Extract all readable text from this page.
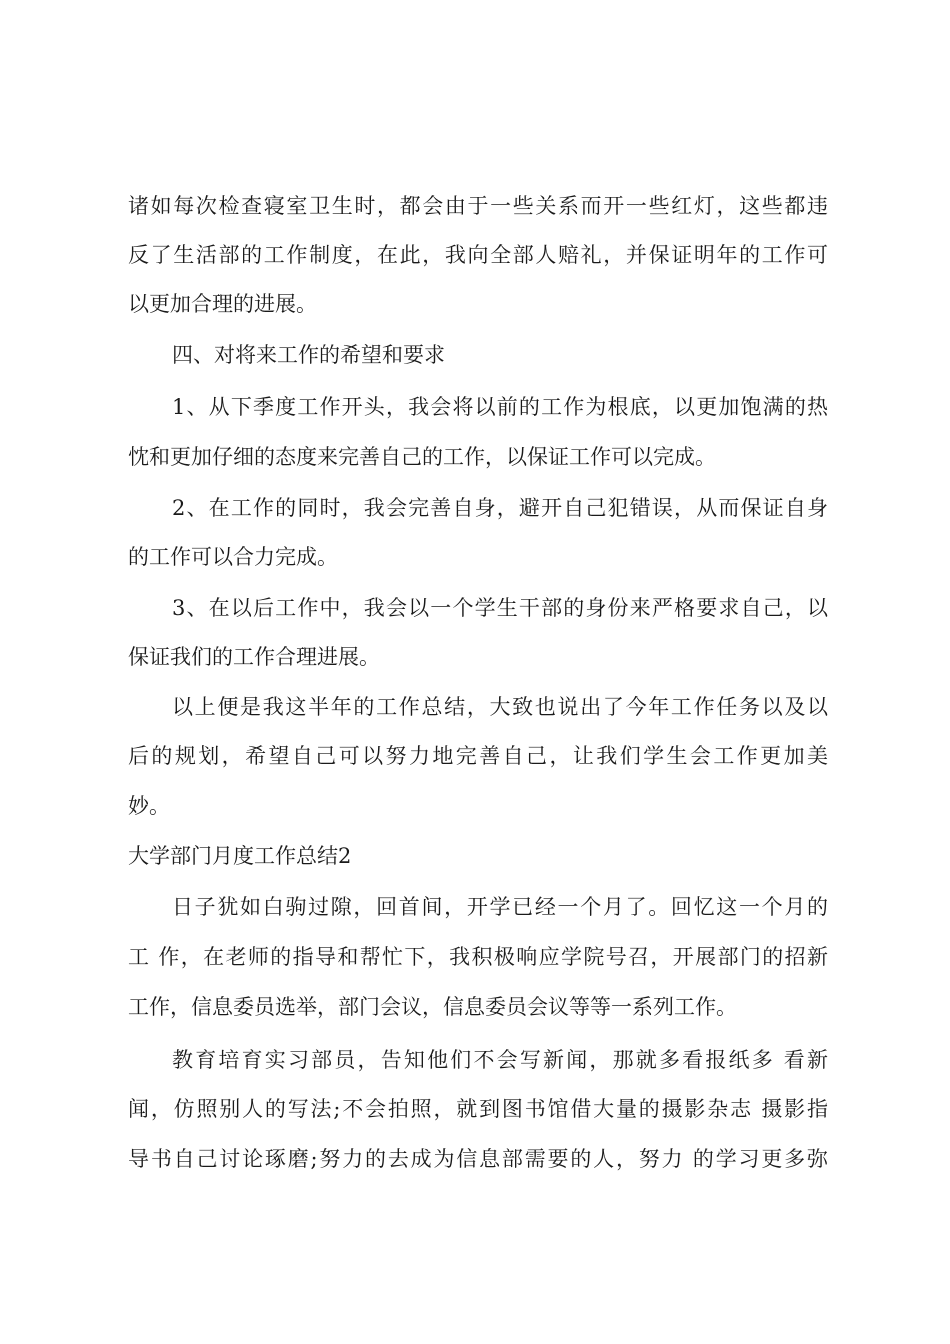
诸如每次检查寝室卫生时，都会由于一些关系而开一些红灯，这些都违
反了生活部的工作制度，在此，我向全部人赔礼，并保证明年的工作可
以更加合理的进展。
四、对将来工作的希望和要求
1、从下季度工作开头，我会将以前的工作为根底，以更加饱满的热
忱和更加仔细的态度来完善自己的工作，以保证工作可以完成。
2、在工作的同时，我会完善自身，避开自己犯错误，从而保证自身
的工作可以合力完成。
3、在以后工作中，我会以一个学生干部的身份来严格要求自己，以
保证我们的工作合理进展。
以上便是我这半年的工作总结，大致也说出了今年工作任务以及以
后的规划，希望自己可以努力地完善自己，让我们学生会工作更加美
妙。
大学部门月度工作总结2
日子犹如白驹过隙，回首间，开学已经一个月了。回忆这一个月的
工 作，在老师的指导和帮忙下，我积极响应学院号召，开展部门的招新
工作，信息委员选举，部门会议，信息委员会议等等一系列工作。
教育培育实习部员，告知他们不会写新闻，那就多看报纸多 看新
闻，仿照别人的写法;不会拍照，就到图书馆借大量的摄影杂志 摄影指
导书自己讨论琢磨;努力的去成为信息部需要的人，努力 的学习更多弥
